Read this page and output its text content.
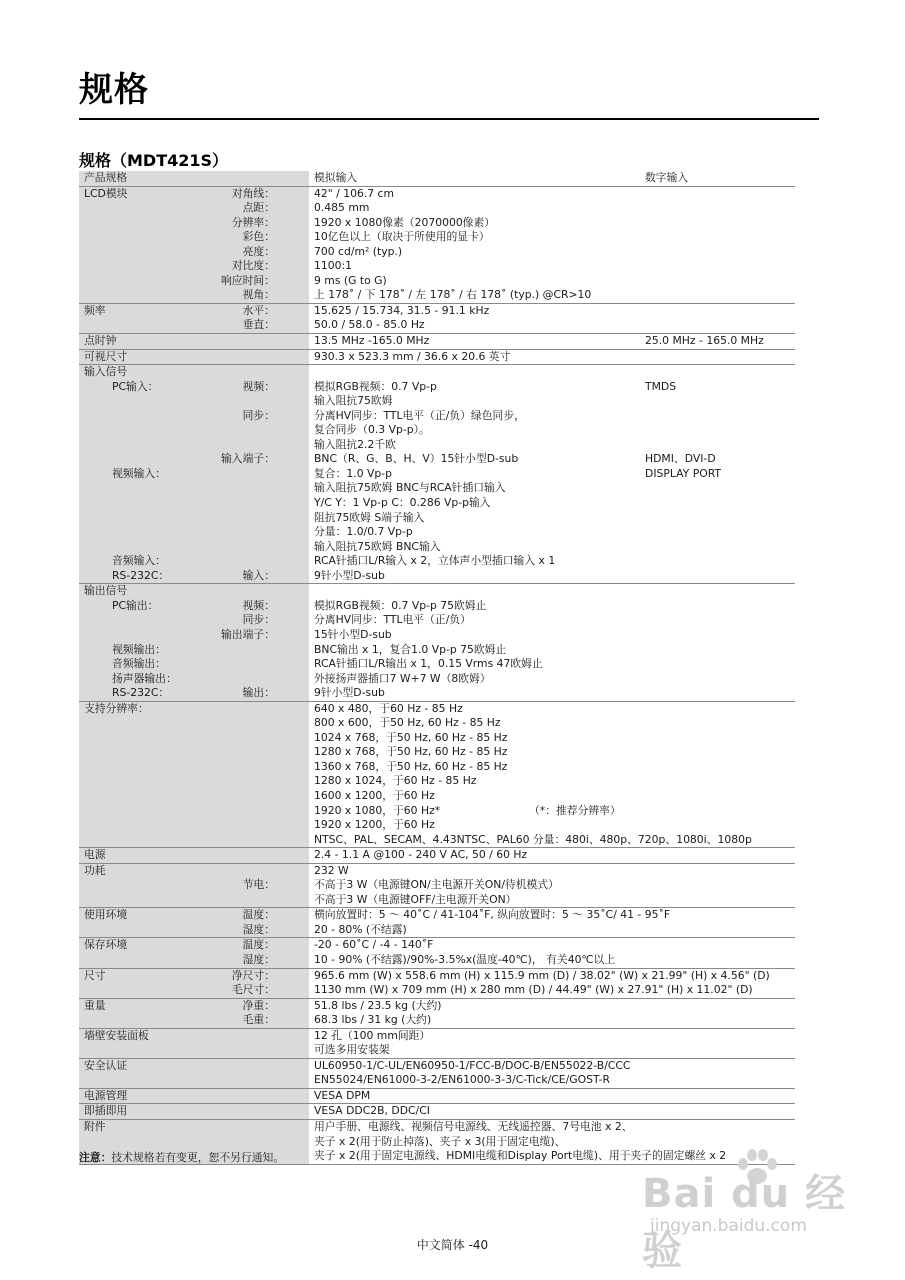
规格
规格（MDT421S）
产品规格	模拟输入	数字输入
LCD模块	对角线：	42" / 106.7 cm
点距：	0.485 mm
分辨率：	1920 x 1080像素（2070000像素）
彩色：	10亿色以上（取决于所使用的显卡）
亮度：	700 cd/m² (typ.)
对比度：	1100:1
响应时间：	9 ms (G to G)
视角：	上 178˚ / 下 178˚ / 左 178˚ / 右 178˚ (typ.) @CR>10
频率	水平：	15.625 / 15.734, 31.5 - 91.1 kHz
垂直：	50.0 / 58.0 - 85.0 Hz
点时钟	13.5 MHz -165.0 MHz	25.0 MHz - 165.0 MHz
可视尺寸	930.3 x 523.3 mm / 36.6 x 20.6 英寸
输入信号
PC输入：	视频：	模拟RGB视频：0.7 Vp-p	TMDS
输入阻抗75欧姆
同步：	分离HV同步：TTL电平（正/负）绿色同步，
复合同步（0.3 Vp-p）。
输入阻抗2.2千欧
输入端子：	BNC（R、G、B、H、V）15针小型D-sub	HDMI、DVI-D
视频输入：	复合：1.0 Vp-p	DISPLAY PORT
输入阻抗75欧姆 BNC与RCA针插口输入
Y/C Y：1 Vp-p C：0.286 Vp-p输入
阻抗75欧姆 S端子输入
分量：1.0/0.7 Vp-p
输入阻抗75欧姆 BNC输入
音频输入：	RCA针插口L/R输入 x 2，立体声小型插口输入 x 1
RS-232C：	输入：	9针小型D-sub
输出信号
PC输出：	视频：	模拟RGB视频：0.7 Vp-p 75欧姆止
同步：	分离HV同步：TTL电平（正/负）
输出端子：	15针小型D-sub
视频输出：	BNC输出 x 1，复合1.0 Vp-p 75欧姆止
音频输出：	RCA针插口L/R输出 x 1，0.15 Vrms 47欧姆止
扬声器输出：	外接扬声器插口7 W+7 W（8欧姆）
RS-232C：	输出：	9针小型D-sub
支持分辨率：	640 x 480，于60 Hz - 85 Hz
800 x 600，于50 Hz, 60 Hz - 85 Hz
1024 x 768，于50 Hz, 60 Hz - 85 Hz
1280 x 768，于50 Hz, 60 Hz - 85 Hz
1360 x 768，于50 Hz, 60 Hz - 85 Hz
1280 x 1024，于60 Hz - 85 Hz
1600 x 1200，于60 Hz
1920 x 1080，于60 Hz*	（*：推荐分辨率）
1920 x 1200，于60 Hz
NTSC、PAL、SECAM、4.43NTSC、PAL60 分量：480i、480p、720p、1080i、1080p
电源	2.4 - 1.1 A @100 - 240 V AC, 50 / 60 Hz
功耗	232 W
节电：	不高于3 W（电源键ON/主电源开关ON/待机模式）
不高于3 W（电源键OFF/主电源开关ON）
使用环境	温度：	横向放置时：5 ～ 40˚C / 41-104˚F, 纵向放置时：5 ～ 35˚C/ 41 - 95˚F
湿度：	20 - 80% (不结露)
保存环境	温度：	-20 - 60˚C / -4 - 140˚F
湿度：	10 - 90% (不结露)/90%-3.5%x(温度-40℃)， 有关40℃以上
尺寸	净尺寸：	965.6 mm (W) x 558.6 mm (H) x 115.9 mm (D) / 38.02" (W) x 21.99" (H) x 4.56" (D)
毛尺寸：	1130 mm (W) x 709 mm (H) x 280 mm (D) / 44.49" (W) x 27.91" (H) x 11.02" (D)
重量	净重：	51.8 lbs / 23.5 kg (大约)
毛重：	68.3 lbs / 31 kg (大约)
墙壁安装面板	12 孔（100 mm间距）
可选多用安装架
安全认证	UL60950-1/C-UL/EN60950-1/FCC-B/DOC-B/EN55022-B/CCC
EN55024/EN61000-3-2/EN61000-3-3/C-Tick/CE/GOST-R
电源管理	VESA DPM
即插即用	VESA DDC2B, DDC/CI
附件	用户手册、电源线、视频信号电源线、无线遥控器、7号电池 x 2、
夹子 x 2(用于防止掉落)、夹子 x 3(用于固定电缆)、
夹子 x 2(用于固定电源线、HDMI电缆和Display Port电缆)、用于夹子的固定螺丝 x 2
注意：技术规格若有变更，恕不另行通知。
Bai du 经验
jingyan.baidu.com
中文简体 -40
